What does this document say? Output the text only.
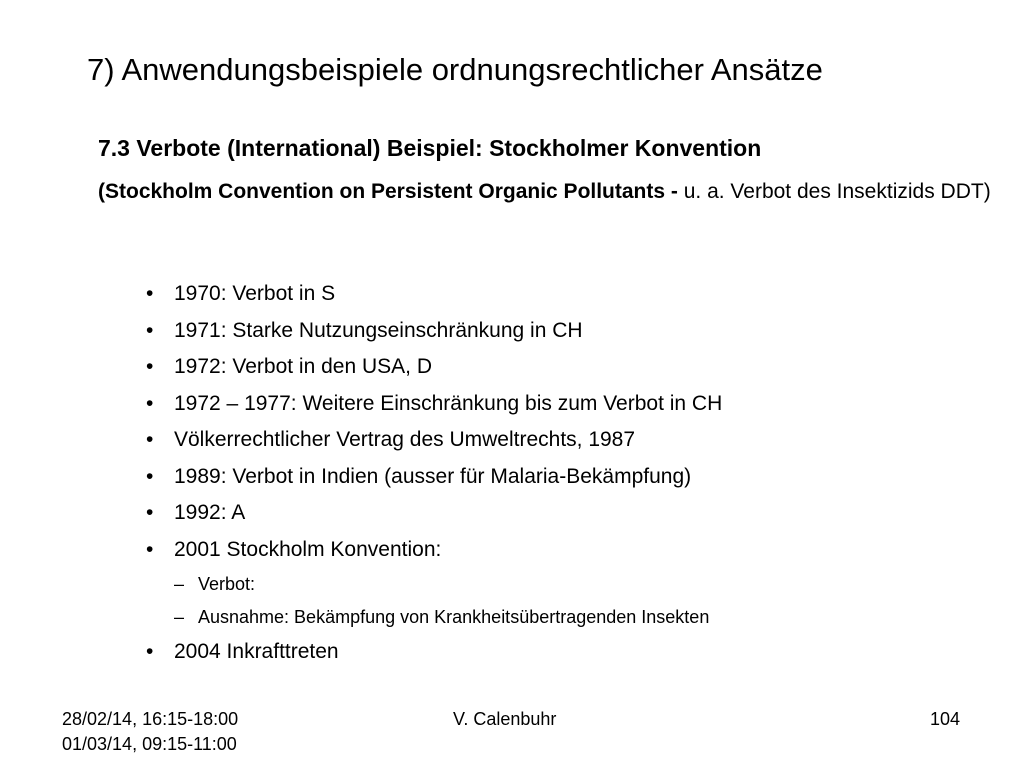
7) Anwendungsbeispiele ordnungsrechtlicher Ansätze
7.3 Verbote (International) Beispiel: Stockholmer Konvention
(Stockholm Convention on Persistent Organic Pollutants - u. a. Verbot des Insektizids DDT)
• 1970: Verbot in S
• 1971: Starke Nutzungseinschränkung in CH
• 1972: Verbot in den USA, D
• 1972 – 1977: Weitere Einschränkung bis zum Verbot in CH
• Völkerrechtlicher Vertrag des Umweltrechts, 1987
• 1989: Verbot in Indien (ausser für Malaria-Bekämpfung)
• 1992: A
• 2001 Stockholm Konvention:
– Verbot:
– Ausnahme: Bekämpfung von Krankheitsübertragenden Insekten
• 2004 Inkrafttreten
28/02/14, 16:15-18:00
01/03/14, 09:15-11:00
V. Calenbuhr	104
